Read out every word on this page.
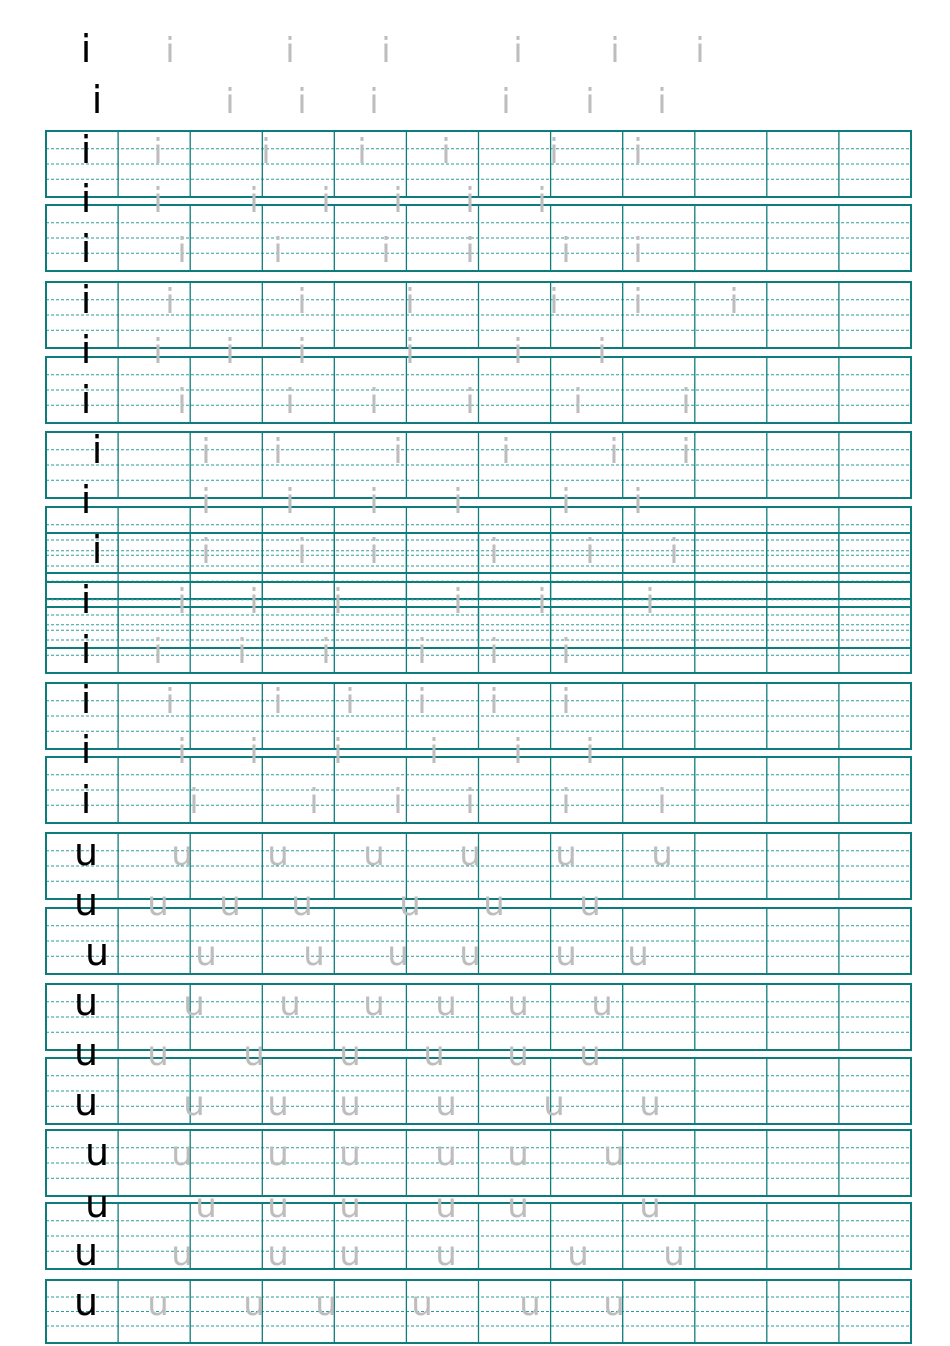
i i	i	i	i	i i
i	i i i	i i i
i i	i	i i	i i
i i	i i i i i
i	i	i	i i	i i
i i	i	i	i i	i
i i i i	i	i i
i	i	i i	i	i	i
i	i i	i	i	i i
i	i i i i	i i
i	i	i i	i	i i
i	i i i	i i	i
i i i i	i i i
i i	i i i i i
i	i i i	i i i
i	i	i i i	i	i
u u u u u u u
u u u u	u u u
u	u	u u u u u
u	u u u u u u
u u u u u u u
u	u u u u	u u
u u u u u u u
u	u u u u u	u
u u u u u	u u
u u u u u	u u
